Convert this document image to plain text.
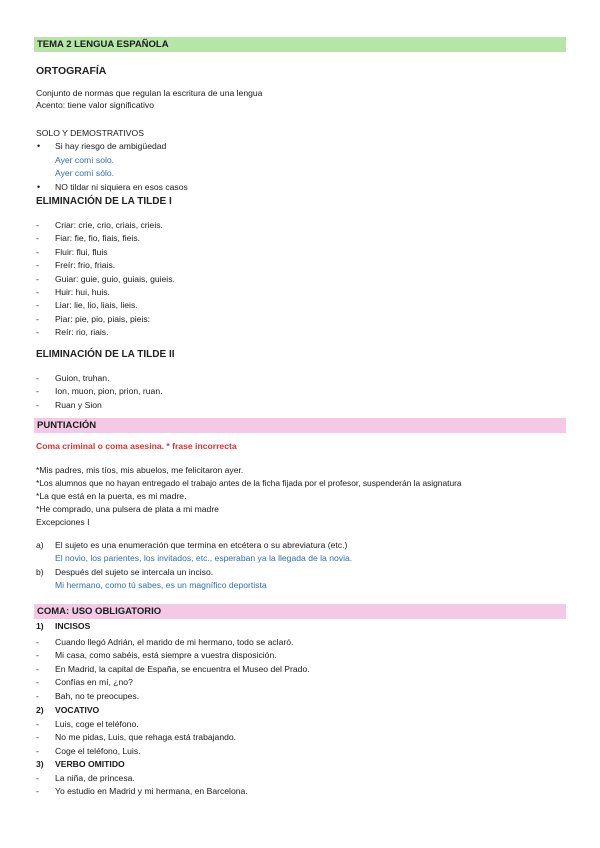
TEMA 2 LENGUA ESPAÑOLA
ORTOGRAFÍA
Conjunto de normas que regulan la escritura de una lengua
Acento: tiene valor significativo
SOLO Y DEMOSTRATIVOS
• Si hay riesgo de ambigüedad
Ayer comí solo.
Ayer comí sólo.
• NO tildar ni siquiera en esos casos
ELIMINACIÓN DE LA TILDE I
- Criar: crie, crio, criais, crieis.
- Fiar: fie, fio, fiais, fieis.
- Fluir: flui, fluis
- Freír: frio, friais.
- Guiar: guie, guio, guiais, guieis.
- Huir: hui, huis.
- Liar: lie, lio, liais, lieis.
- Piar: pie, pio, piais, pieis:
- Reír: rio, riais.
ELIMINACIÓN DE LA TILDE II
- Guion, truhan.
- Ion, muon, pion, prion, ruan.
- Ruan y Sion
PUNTIACIÓN
Coma criminal o coma asesina. * frase incorrecta
*Mis padres, mis tíos, mis abuelos, me felicitaron ayer.
*Los alumnos que no hayan entregado el trabajo antes de la ficha fijada por el profesor, suspenderán la asignatura
*La que está en la puerta, es mi madre.
*He comprado, una pulsera de plata a mi madre
Excepciones I
a) El sujeto es una enumeración que termina en etcétera o su abreviatura (etc.)
El novio, los parientes, los invitados, etc., esperaban ya la llegada de la novia.
b) Después del sujeto se intercala un inciso.
Mi hermano, como tú sabes, es un magnífico deportista
COMA: USO OBLIGATORIO
1) INCISOS
- Cuando llegó Adrián, el marido de mi hermano, todo se aclaró.
- Mi casa, como sabéis, está siempre a vuestra disposición.
- En Madrid, la capital de España, se encuentra el Museo del Prado.
- Confías en mí, ¿no?
- Bah, no te preocupes.
2) VOCATIVO
- Luis, coge el teléfono.
- No me pidas, Luis, que rehaga está trabajando.
- Coge el teléfono, Luis.
3) VERBO OMITIDO
- La niña, de princesa.
- Yo estudio en Madrid y mi hermana, en Barcelona.
